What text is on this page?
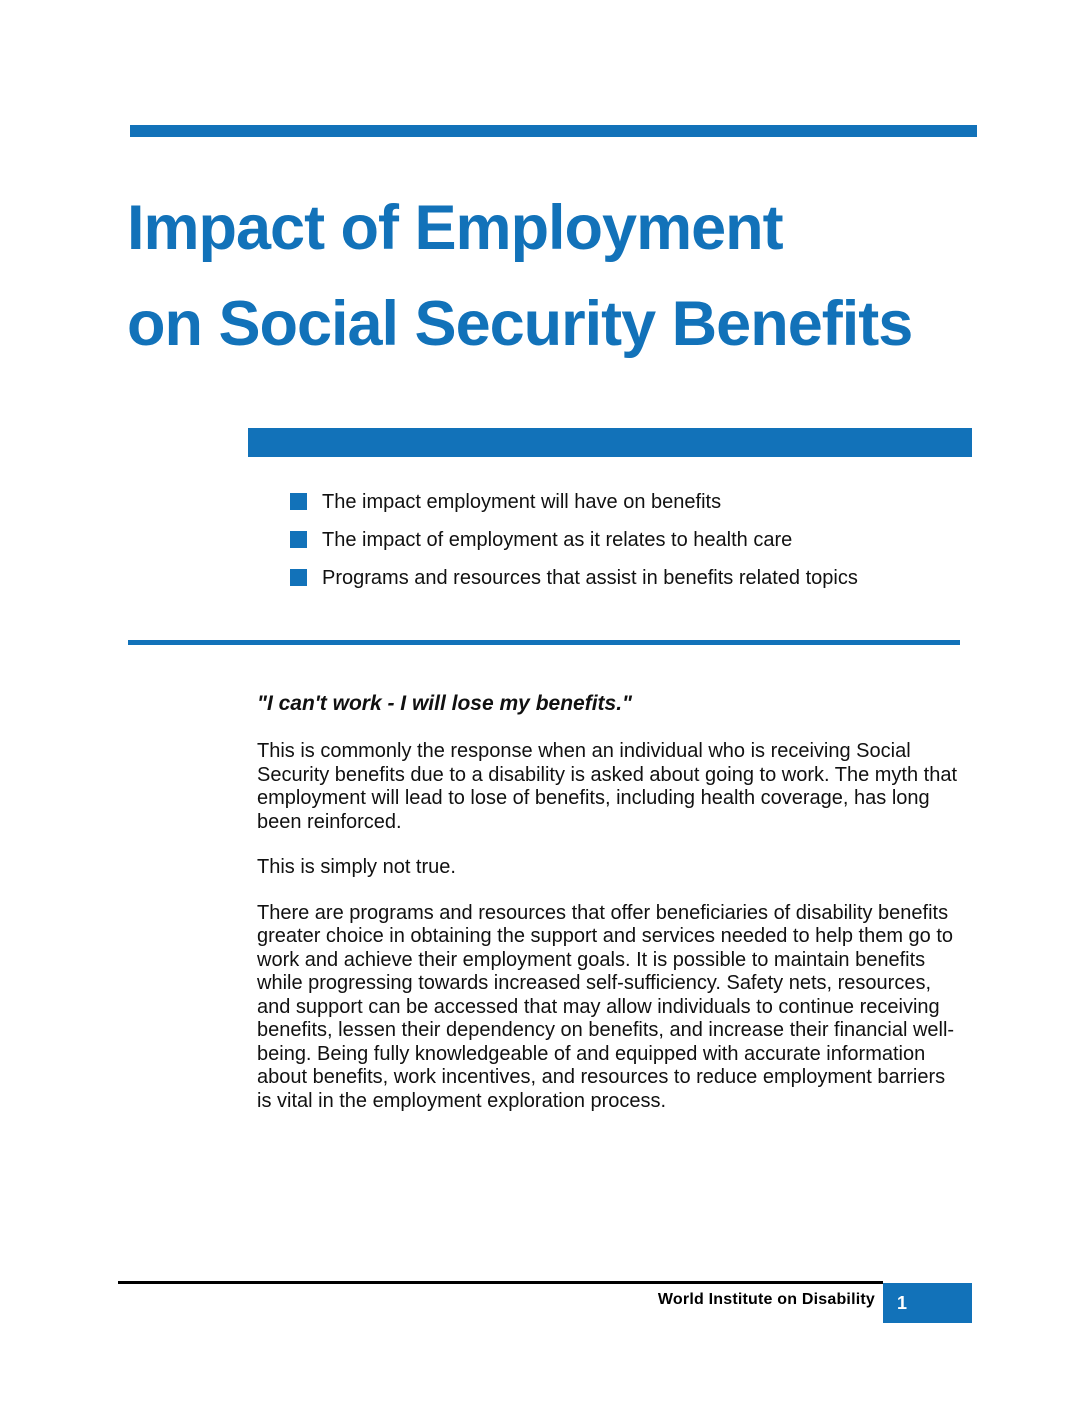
Impact of Employment
on Social Security Benefits
The impact employment will have on benefits
The impact of employment as it relates to health care
Programs and resources that assist in benefits related topics

"I can't work - I will lose my benefits."

This is commonly the response when an individual who is receiving Social Security benefits due to a disability is asked about going to work. The myth that employment will lead to lose of benefits, including health coverage, has long been reinforced.

This is simply not true.

There are programs and resources that offer beneficiaries of disability benefits greater choice in obtaining the support and services needed to help them go to work and achieve their employment goals. It is possible to maintain benefits while progressing towards increased self-sufficiency. Safety nets, resources, and support can be accessed that may allow individuals to continue receiving benefits, lessen their dependency on benefits, and increase their financial well-being. Being fully knowledgeable of and equipped with accurate information about benefits, work incentives, and resources to reduce employment barriers is vital in the employment exploration process.

World Institute on Disability	1
